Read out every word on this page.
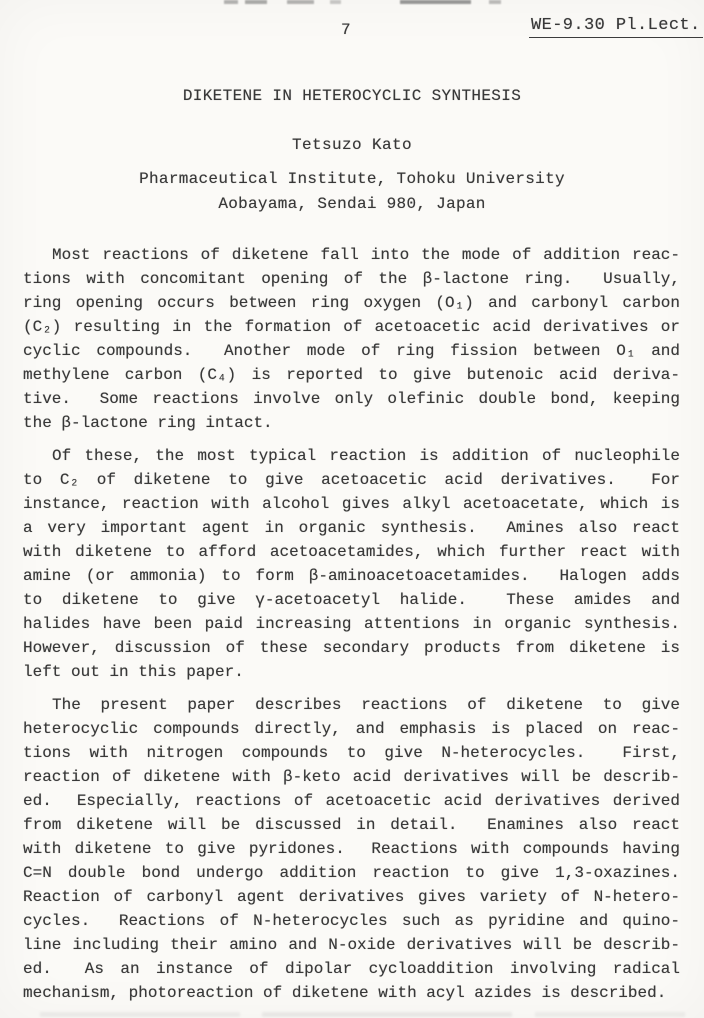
7	WE-9.30 Pl.Lect.
DIKETENE IN HETEROCYCLIC SYNTHESIS
Tetsuzo Kato
Pharmaceutical Institute, Tohoku University
Aobayama, Sendai 980, Japan
Most reactions of diketene fall into the mode of addition reac-
tions with concomitant opening of the β-lactone ring.  Usually,
ring opening occurs between ring oxygen (O₁) and carbonyl carbon
(C₂) resulting in the formation of acetoacetic acid derivatives or
cyclic compounds.  Another mode of ring fission between O₁ and
methylene carbon (C₄) is reported to give butenoic acid deriva-
tive.  Some reactions involve only olefinic double bond, keeping
the β-lactone ring intact.
Of these, the most typical reaction is addition of nucleophile
to C₂ of diketene to give acetoacetic acid derivatives.  For
instance, reaction with alcohol gives alkyl acetoacetate, which is
a very important agent in organic synthesis.  Amines also react
with diketene to afford acetoacetamides, which further react with
amine (or ammonia) to form β-aminoacetoacetamides.  Halogen adds
to diketene to give γ-acetoacetyl halide.  These amides and
halides have been paid increasing attentions in organic synthesis.
However, discussion of these secondary products from diketene is
left out in this paper.
The present paper describes reactions of diketene to give
heterocyclic compounds directly, and emphasis is placed on reac-
tions with nitrogen compounds to give N-heterocycles.  First,
reaction of diketene with β-keto acid derivatives will be describ-
ed.  Especially, reactions of acetoacetic acid derivatives derived
from diketene will be discussed in detail.  Enamines also react
with diketene to give pyridones.  Reactions with compounds having
C=N double bond undergo addition reaction to give 1,3-oxazines.
Reaction of carbonyl agent derivatives gives variety of N-hetero-
cycles.  Reactions of N-heterocycles such as pyridine and quino-
line including their amino and N-oxide derivatives will be describ-
ed.  As an instance of dipolar cycloaddition involving radical
mechanism, photoreaction of diketene with acyl azides is described.
